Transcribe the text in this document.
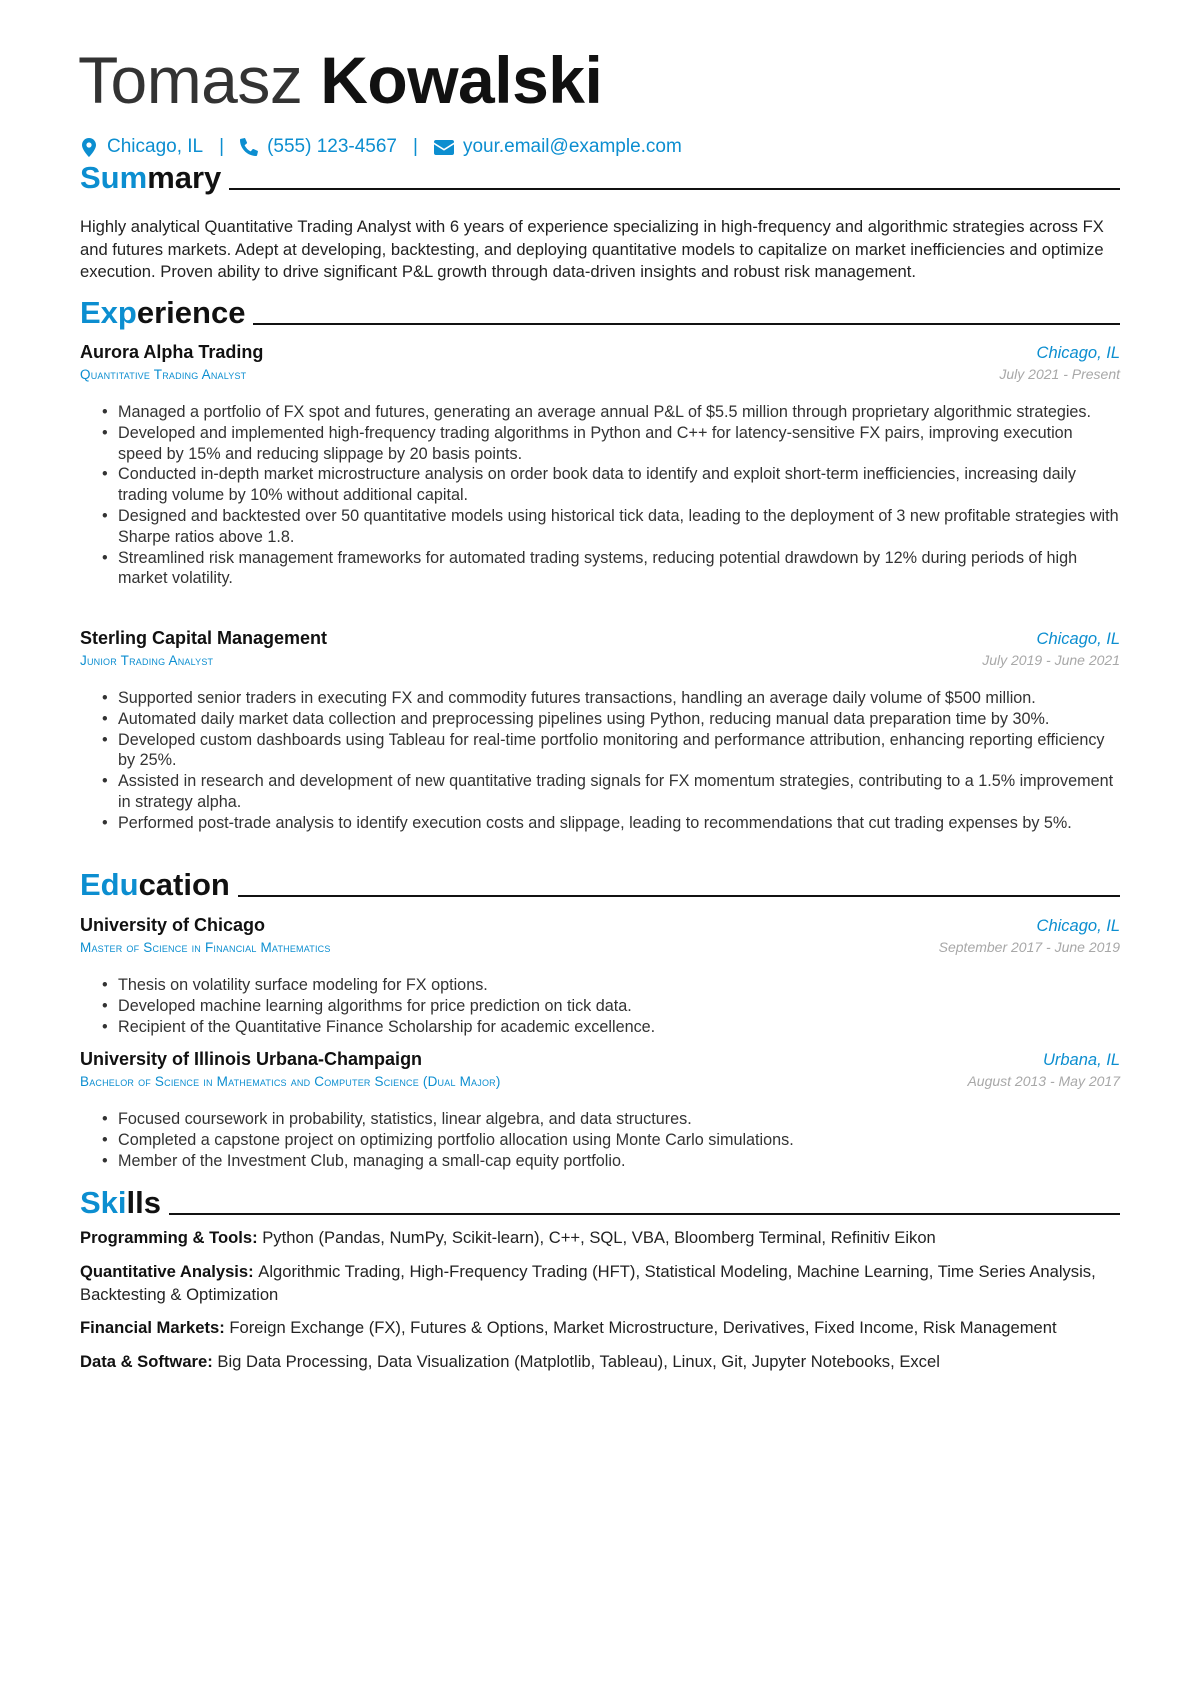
Tomasz Kowalski
Chicago, IL | (555) 123-4567 | your.email@example.com
Summary
Highly analytical Quantitative Trading Analyst with 6 years of experience specializing in high-frequency and algorithmic strategies across FX and futures markets. Adept at developing, backtesting, and deploying quantitative models to capitalize on market inefficiencies and optimize execution. Proven ability to drive significant P&L growth through data-driven insights and robust risk management.
Experience
Aurora Alpha Trading	Chicago, IL
Quantitative Trading Analyst	July 2021 - Present
• Managed a portfolio of FX spot and futures, generating an average annual P&L of $5.5 million through proprietary algorithmic strategies.
• Developed and implemented high-frequency trading algorithms in Python and C++ for latency-sensitive FX pairs, improving execution speed by 15% and reducing slippage by 20 basis points.
• Conducted in-depth market microstructure analysis on order book data to identify and exploit short-term inefficiencies, increasing daily trading volume by 10% without additional capital.
• Designed and backtested over 50 quantitative models using historical tick data, leading to the deployment of 3 new profitable strategies with Sharpe ratios above 1.8.
• Streamlined risk management frameworks for automated trading systems, reducing potential drawdown by 12% during periods of high market volatility.
Sterling Capital Management	Chicago, IL
Junior Trading Analyst	July 2019 - June 2021
• Supported senior traders in executing FX and commodity futures transactions, handling an average daily volume of $500 million.
• Automated daily market data collection and preprocessing pipelines using Python, reducing manual data preparation time by 30%.
• Developed custom dashboards using Tableau for real-time portfolio monitoring and performance attribution, enhancing reporting efficiency by 25%.
• Assisted in research and development of new quantitative trading signals for FX momentum strategies, contributing to a 1.5% improvement in strategy alpha.
• Performed post-trade analysis to identify execution costs and slippage, leading to recommendations that cut trading expenses by 5%.
Education
University of Chicago	Chicago, IL
Master of Science in Financial Mathematics	September 2017 - June 2019
• Thesis on volatility surface modeling for FX options.
• Developed machine learning algorithms for price prediction on tick data.
• Recipient of the Quantitative Finance Scholarship for academic excellence.
University of Illinois Urbana-Champaign	Urbana, IL
Bachelor of Science in Mathematics and Computer Science (Dual Major)	August 2013 - May 2017
• Focused coursework in probability, statistics, linear algebra, and data structures.
• Completed a capstone project on optimizing portfolio allocation using Monte Carlo simulations.
• Member of the Investment Club, managing a small-cap equity portfolio.
Skills
Programming & Tools: Python (Pandas, NumPy, Scikit-learn), C++, SQL, VBA, Bloomberg Terminal, Refinitiv Eikon
Quantitative Analysis: Algorithmic Trading, High-Frequency Trading (HFT), Statistical Modeling, Machine Learning, Time Series Analysis, Backtesting & Optimization
Financial Markets: Foreign Exchange (FX), Futures & Options, Market Microstructure, Derivatives, Fixed Income, Risk Management
Data & Software: Big Data Processing, Data Visualization (Matplotlib, Tableau), Linux, Git, Jupyter Notebooks, Excel
